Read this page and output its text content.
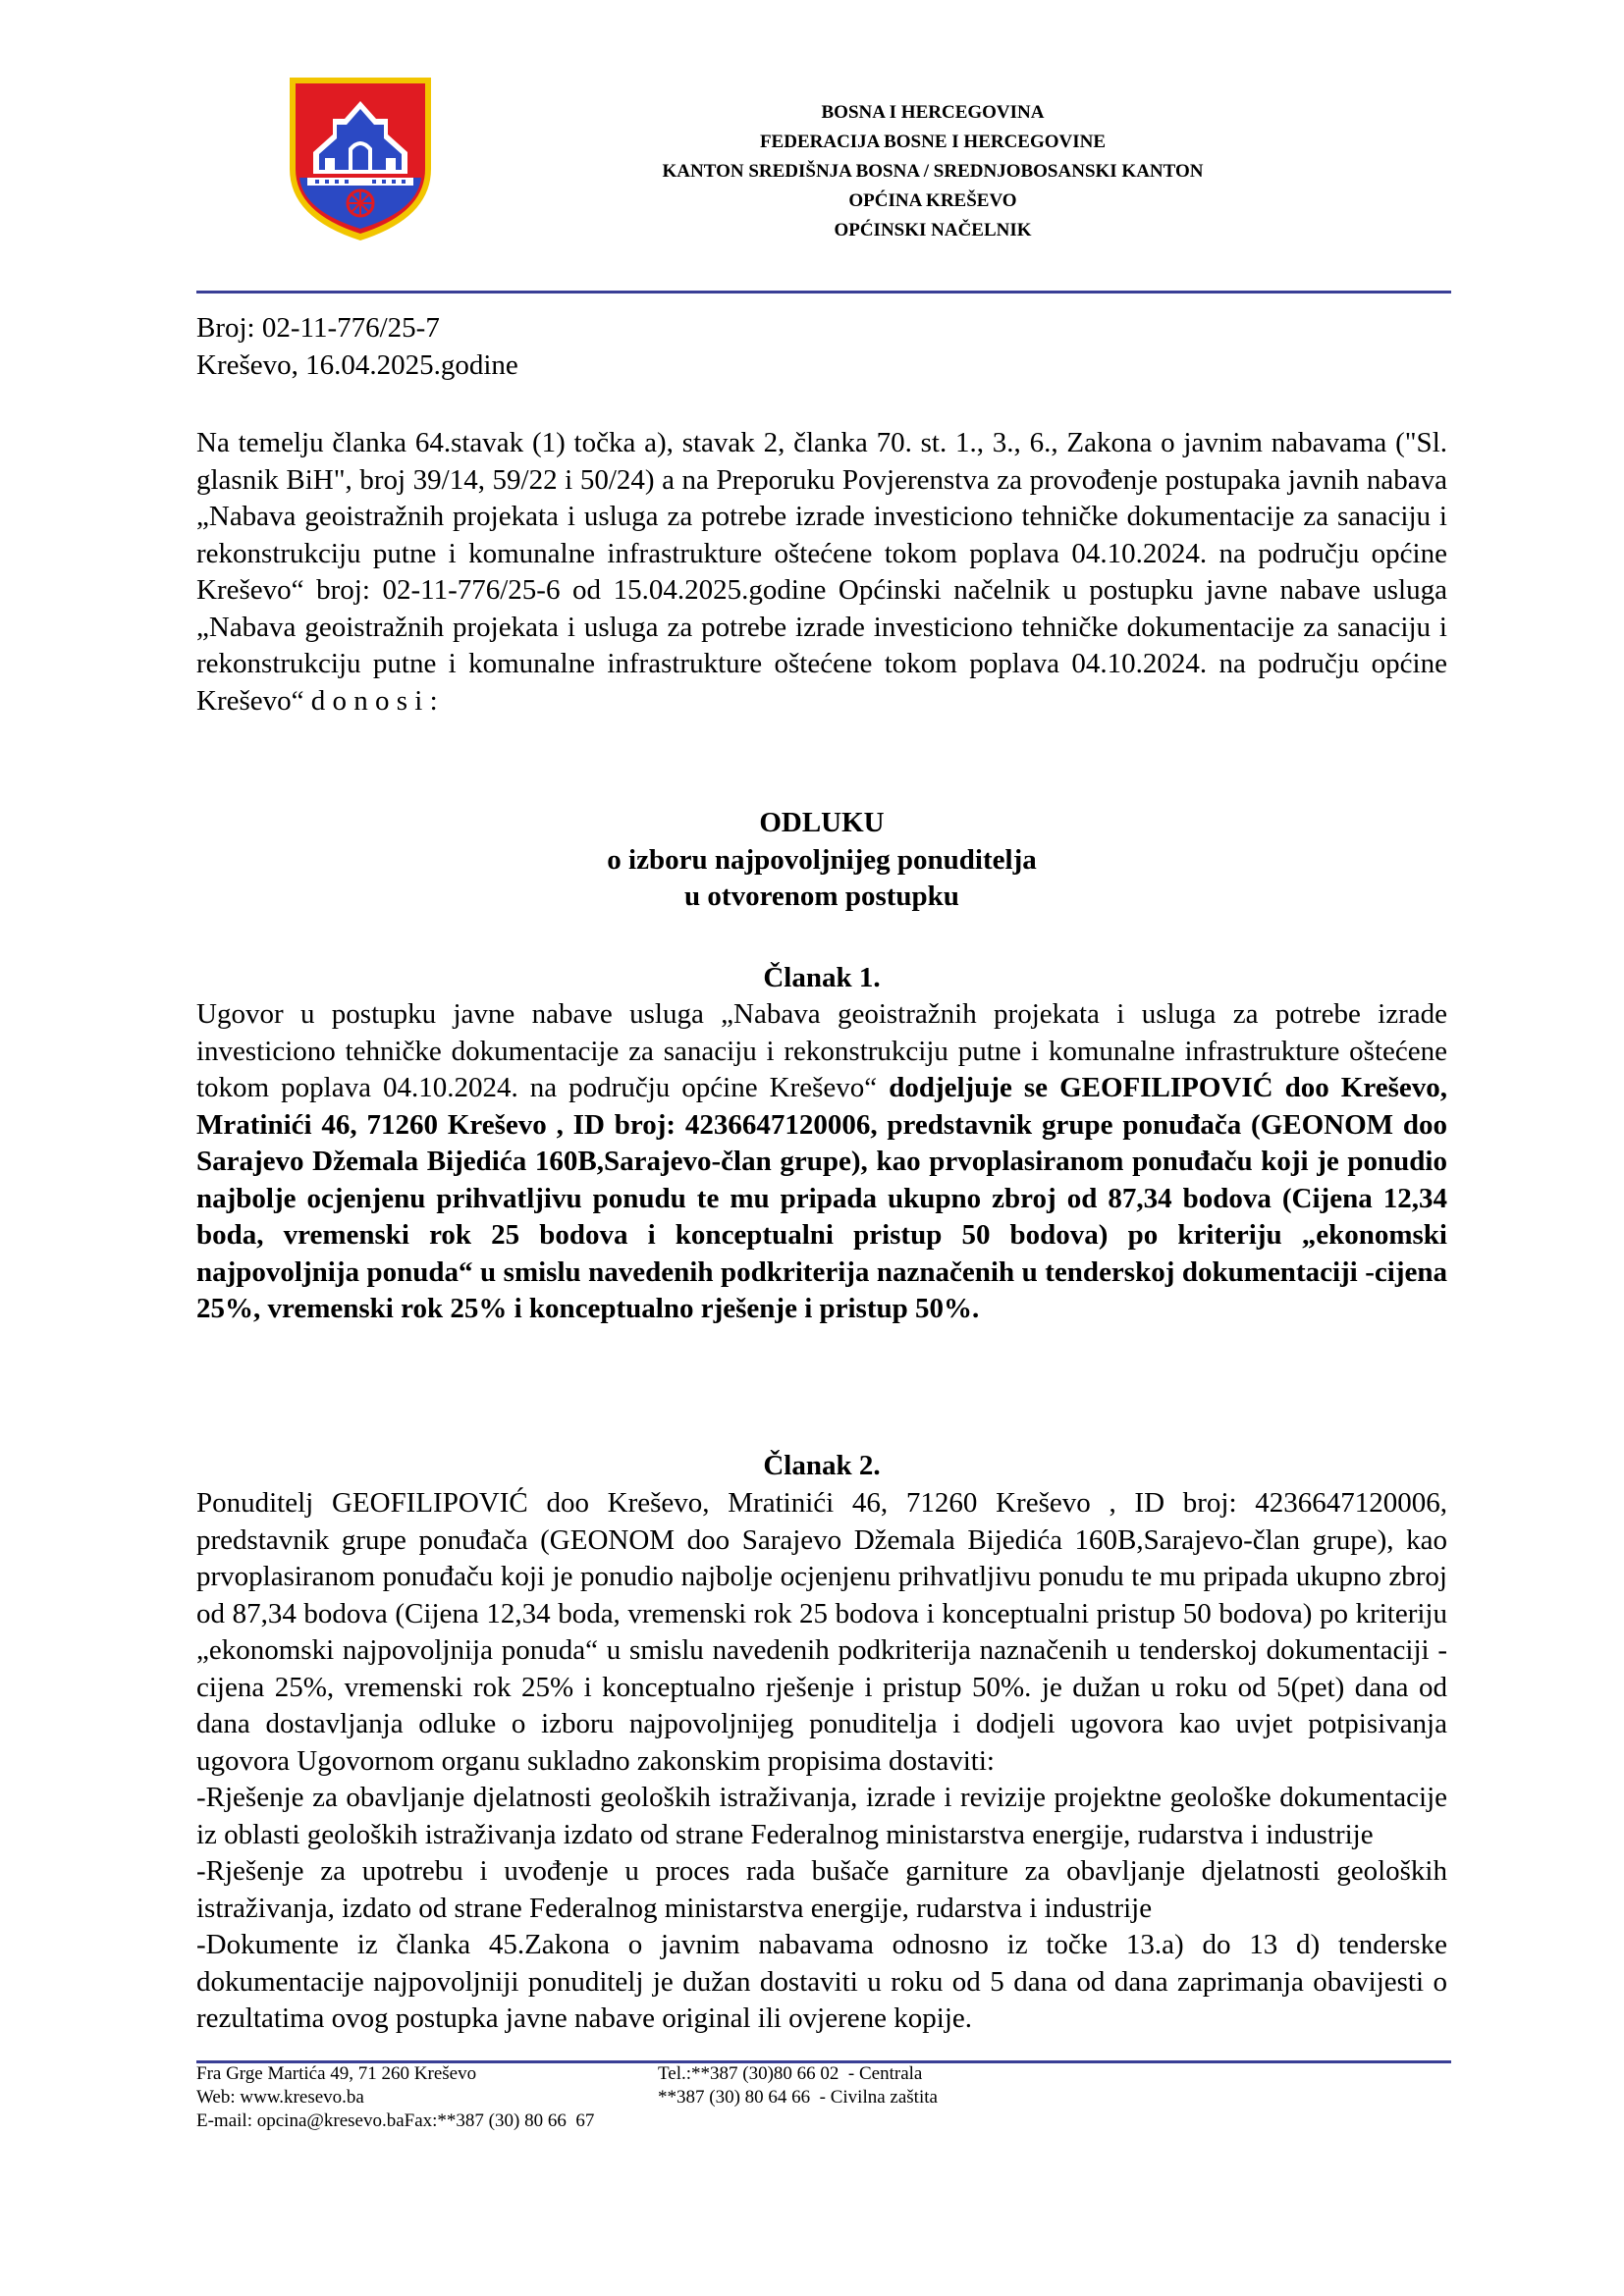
BOSNA I HERCEGOVINA
FEDERACIJA BOSNE I HERCEGOVINE
KANTON SREDIŠNJA BOSNA / SREDNJOBOSANSKI KANTON
OPĆINA KREŠEVO
OPĆINSKI NAČELNIK
Broj: 02-11-776/25-7
Kreševo, 16.04.2025.godine
Na temelju članka 64.stavak (1) točka a), stavak 2, članka 70. st. 1., 3., 6., Zakona o javnim nabavama ("Sl. glasnik BiH", broj 39/14, 59/22 i 50/24) a na Preporuku Povjerenstva za provođenje postupaka javnih nabava „Nabava geoistražnih projekata i usluga za potrebe izrade investiciono tehničke dokumentacije za sanaciju i rekonstrukciju putne i komunalne infrastrukture oštećene tokom poplava 04.10.2024. na području općine Kreševo“ broj: 02-11-776/25-6 od 15.04.2025.godine Općinski načelnik u postupku javne nabave usluga „Nabava geoistražnih projekata i usluga za potrebe izrade investiciono tehničke dokumentacije za sanaciju i rekonstrukciju putne i komunalne infrastrukture oštećene tokom poplava 04.10.2024. na području općine Kreševo“ d o n o s i :
ODLUKU
o izboru najpovoljnijeg ponuditelja
u otvorenom postupku
Članak 1.
Ugovor u postupku javne nabave usluga „Nabava geoistražnih projekata i usluga za potrebe izrade investiciono tehničke dokumentacije za sanaciju i rekonstrukciju putne i komunalne infrastrukture oštećene tokom poplava 04.10.2024. na području općine Kreševo“ dodjeljuje se GEOFILIPOVIĆ doo Kreševo, Mratinići 46, 71260 Kreševo , ID broj: 4236647120006, predstavnik grupe ponuđača (GEONOM doo Sarajevo Džemala Bijedića 160B,Sarajevo-član grupe), kao prvoplasiranom ponuđaču koji je ponudio najbolje ocjenjenu prihvatljivu ponudu te mu pripada ukupno zbroj od 87,34 bodova (Cijena 12,34 boda, vremenski rok 25 bodova i konceptualni pristup 50 bodova) po kriteriju „ekonomski najpovoljnija ponuda“ u smislu navedenih podkriterija naznačenih u tenderskoj dokumentaciji -cijena 25%, vremenski rok 25% i konceptualno rješenje i pristup 50%.
Članak 2.
Ponuditelj GEOFILIPOVIĆ doo Kreševo, Mratinići 46, 71260 Kreševo , ID broj: 4236647120006, predstavnik grupe ponuđača (GEONOM doo Sarajevo Džemala Bijedića 160B,Sarajevo-član grupe), kao prvoplasiranom ponuđaču koji je ponudio najbolje ocjenjenu prihvatljivu ponudu te mu pripada ukupno zbroj od 87,34 bodova (Cijena 12,34 boda, vremenski rok 25 bodova i konceptualni pristup 50 bodova) po kriteriju „ekonomski najpovoljnija ponuda“ u smislu navedenih podkriterija naznačenih u tenderskoj dokumentaciji -cijena 25%, vremenski rok 25% i konceptualno rješenje i pristup 50%. je dužan u roku od 5(pet) dana od dana dostavljanja odluke o izboru najpovoljnijeg ponuditelja i dodjeli ugovora kao uvjet potpisivanja ugovora Ugovornom organu sukladno zakonskim propisima dostaviti:
-Rješenje za obavljanje djelatnosti geoloških istraživanja, izrade i revizije projektne geološke dokumentacije iz oblasti geoloških istraživanja izdato od strane Federalnog ministarstva energije, rudarstva i industrije
-Rješenje za upotrebu i uvođenje u proces rada bušače garniture za obavljanje djelatnosti geoloških istraživanja, izdato od strane Federalnog ministarstva energije, rudarstva i industrije
-Dokumente iz članka 45.Zakona o javnim nabavama odnosno iz točke 13.a) do 13 d) tenderske dokumentacije najpovoljniji ponuditelj je dužan dostaviti u roku od 5 dana od dana zaprimanja obavijesti o rezultatima ovog postupka javne nabave original ili ovjerene kopije.
Fra Grge Martića 49, 71 260 Kreševo
Web: www.kresevo.ba
E-mail: opcina@kresevo.baFax:**387 (30) 80 66  67
Tel.:**387 (30)80 66 02  - Centrala
**387 (30) 80 64 66  - Civilna zaštita
